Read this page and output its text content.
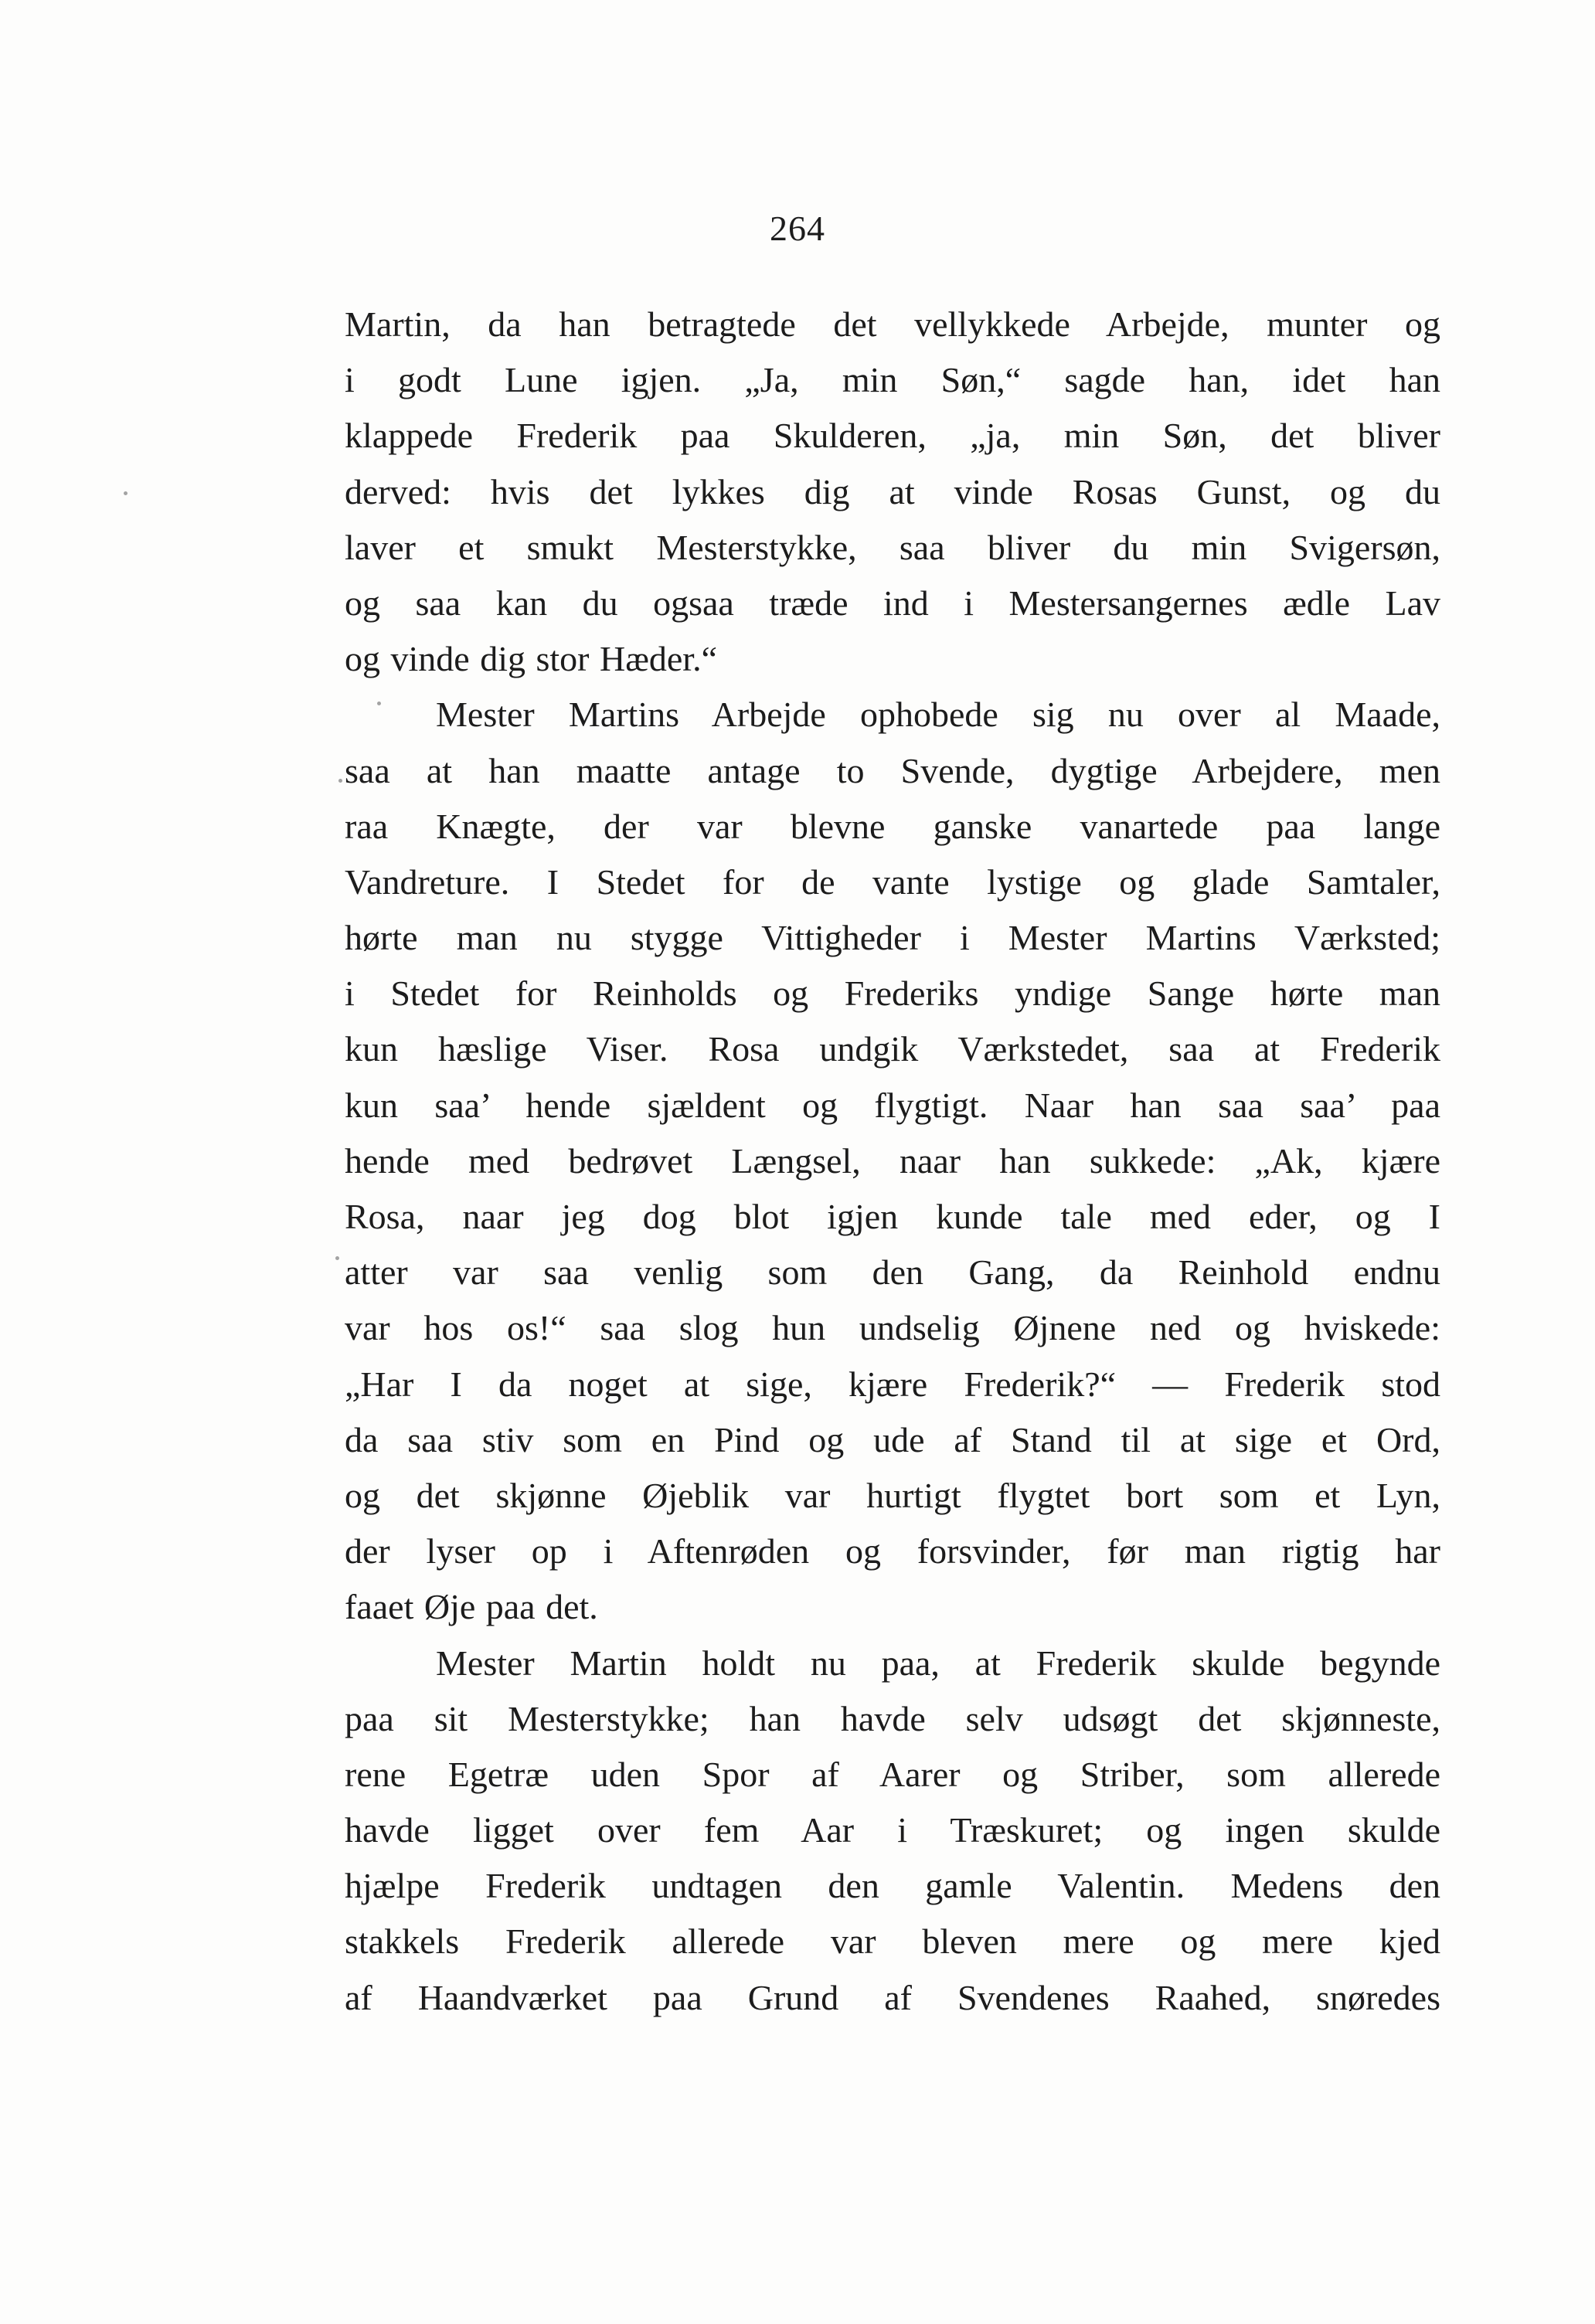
264
Martin, da han betragtede det vellykkede Arbejde, munter og
i godt Lune igjen. „Ja, min Søn,“ sagde han, idet han
klappede Frederik paa Skulderen, „ja, min Søn, det bliver
derved: hvis det lykkes dig at vinde Rosas Gunst, og du
laver et smukt Mesterstykke, saa bliver du min Svigersøn,
og saa kan du ogsaa træde ind i Mestersangernes ædle Lav
og vinde dig stor Hæder.“
Mester Martins Arbejde ophobede sig nu over al Maade,
saa at han maatte antage to Svende, dygtige Arbejdere, men
raa Knægte, der var blevne ganske vanartede paa lange
Vandreture. I Stedet for de vante lystige og glade Samtaler,
hørte man nu stygge Vittigheder i Mester Martins Værksted;
i Stedet for Reinholds og Frederiks yndige Sange hørte man
kun hæslige Viser. Rosa undgik Værkstedet, saa at Frederik
kun saa’ hende sjældent og flygtigt. Naar han saa saa’ paa
hende med bedrøvet Længsel, naar han sukkede: „Ak, kjære
Rosa, naar jeg dog blot igjen kunde tale med eder, og I
atter var saa venlig som den Gang, da Reinhold endnu
var hos os!“ saa slog hun undselig Øjnene ned og hviskede:
„Har I da noget at sige, kjære Frederik?“ — Frederik stod
da saa stiv som en Pind og ude af Stand til at sige et Ord,
og det skjønne Øjeblik var hurtigt flygtet bort som et Lyn,
der lyser op i Aftenrøden og forsvinder, før man rigtig har
faaet Øje paa det.
Mester Martin holdt nu paa, at Frederik skulde begynde
paa sit Mesterstykke; han havde selv udsøgt det skjønneste,
rene Egetræ uden Spor af Aarer og Striber, som allerede
havde ligget over fem Aar i Træskuret; og ingen skulde
hjælpe Frederik undtagen den gamle Valentin. Medens den
stakkels Frederik allerede var bleven mere og mere kjed
af Haandværket paa Grund af Svendenes Raahed, snøredes
